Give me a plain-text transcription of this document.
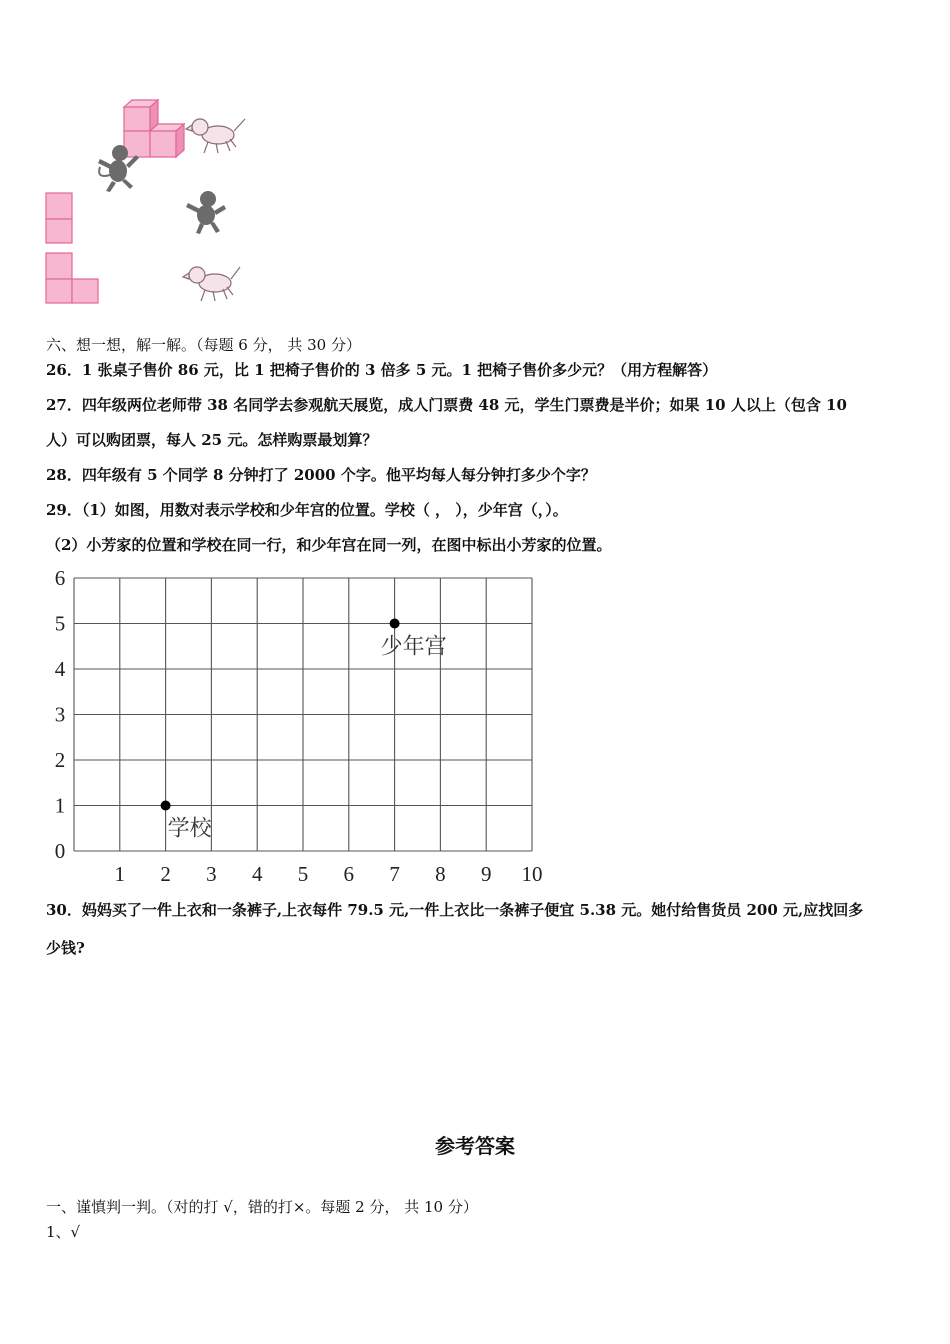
六、想一想，解一解。（每题 6 分， 共 30 分）
26．1 张桌子售价 86 元，比 1 把椅子售价的 3 倍多 5 元。1 把椅子售价多少元？（用方程解答）
27．四年级两位老师带 38 名同学去参观航天展览，成人门票费 48 元，学生门票费是半价；如果 10 人以上（包含 10
人）可以购团票，每人 25 元。怎样购票最划算？
28．四年级有 5 个同学 8 分钟打了 2000 个字。他平均每人每分钟打多少个字？
29．（1）如图，用数对表示学校和少年宫的位置。学校（ ， ），少年宫（，）。
（2）小芳家的位置和学校在同一行，和少年宫在同一列，在图中标出小芳家的位置。
0
1
2
3
4
5
6
1 2 3 4 5 6 7 8 9 10
少年宫
学校
30．妈妈买了一件上衣和一条裤子,上衣每件 79.5 元,一件上衣比一条裤子便宜 5.38 元。她付给售货员 200 元,应找回多
少钱?
参考答案
一、谨慎判一判。（对的打 √，错的打×。每题 2 分， 共 10 分）
1、√
